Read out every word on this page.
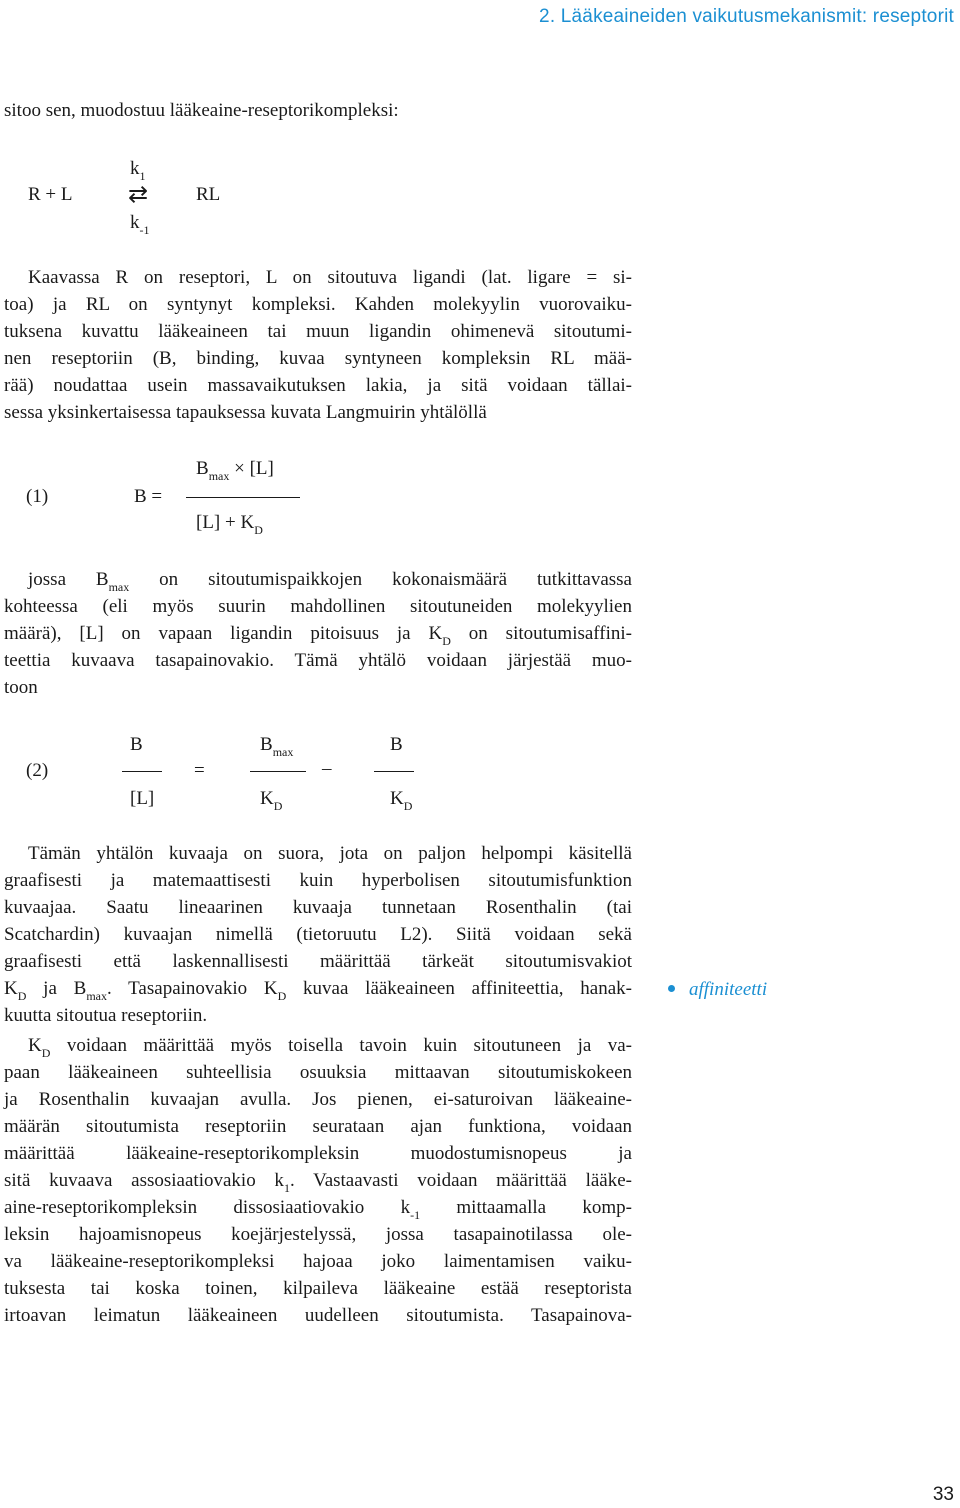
2. Lääkeaineiden vaikutusmekanismit: reseptorit
sitoo sen, muodostuu lääkeaine-reseptorikompleksi:
$k_1$
R + L ⇄	RL
$k_{-1}$
Kaavassa R on reseptori, L on sitoutuva ligandi (lat. ligare = si-
toa) ja RL on syntynyt kompleksi. Kahden molekyylin vuorovaiku-
tuksena kuvattu lääkeaineen tai muun ligandin ohimenevä sitoutumi-
nen reseptoriin (B, binding, kuvaa syntyneen kompleksin RL mää-
rää) noudattaa usein massavaikutuksen lakia, ja sitä voidaan tällai-
sessa yksinkertaisessa tapauksessa kuvata Langmuirin yhtälöllä
(1)	B =
$B_{max} \times [L]$
$[L] + K_D$
jossa $B_{max}$ on sitoutumispaikkojen kokonaismäärä tutkittavassa
kohteessa (eli myös suurin mahdollinen sitoutuneiden molekyylien
määrä), [L] on vapaan ligandin pitoisuus ja $K_D$ on sitoutumisaffini-
teettia kuvaava tasapainovakio. Tämä yhtälö voidaan järjestää muo-
toon
(2)
B
[L]
=
$B_{max}$
$K_D$
–
B
$K_D$
Tämän yhtälön kuvaaja on suora, jota on paljon helpompi käsitellä
graafisesti ja matemaattisesti kuin hyperbolisen sitoutumisfunktion
kuvaajaa. Saatu lineaarinen kuvaaja tunnetaan Rosenthalin (tai
Scatchardin) kuvaajan nimellä (tietoruutu L2). Siitä voidaan sekä
graafisesti että laskennallisesti määrittää tärkeät sitoutumisvakiot
$K_D$ ja $B_{max}$. Tasapainovakio $K_D$ kuvaa lääkeaineen affiniteettia, hanak-
kuutta sitoutua reseptoriin.
$K_D$ voidaan määrittää myös toisella tavoin kuin sitoutuneen ja va-
paan lääkeaineen suhteellisia osuuksia mittaavan sitoutumiskokeen
ja Rosenthalin kuvaajan avulla. Jos pienen, ei-saturoivan lääkeaine-
määrän sitoutumista reseptoriin seurataan ajan funktiona, voidaan
määrittää lääkeaine-reseptorikompleksin muodostumisnopeus ja
sitä kuvaava assosiaatiovakio $k_1$. Vastaavasti voidaan määrittää lääke-
aine-reseptorikompleksin dissosiaatiovakio $k_{-1}$ mittaamalla komp-
leksin hajoamisnopeus koejärjestelyssä, jossa tasapainotilassa ole-
va lääkeaine-reseptorikompleksi hajoaa joko laimentamisen vaiku-
tuksesta tai koska toinen, kilpaileva lääkeaine estää reseptorista
irtoavan leimatun lääkeaineen uudelleen sitoutumista. Tasapainova-
affiniteetti
33
